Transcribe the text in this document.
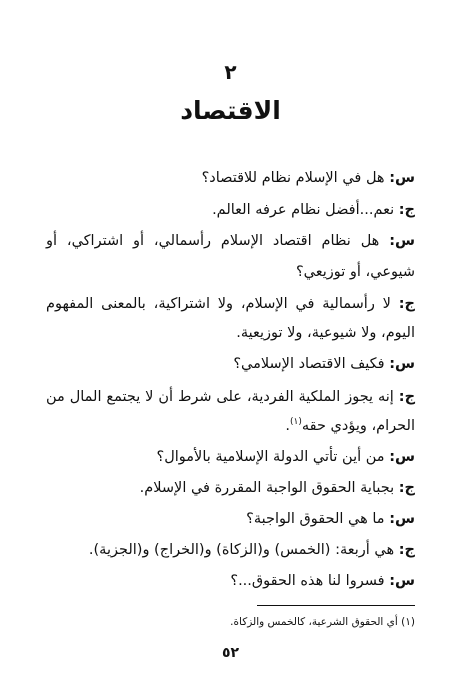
٢
الاقتصاد
س: هل في الإسلام نظام للاقتصاد؟
ج: نعم...أفضل نظام عرفه العالم.
س: هل نظام اقتصاد الإسلام رأسمالي، أو اشتراكي، أو
شيوعي، أو توزيعي؟
ج: لا رأسمالية في الإسلام، ولا اشتراكية، بالمعنى المفهوم
اليوم، ولا شيوعية، ولا توزيعية.
س: فكيف الاقتصاد الإسلامي؟
ج: إنه يجوز الملكية الفردية، على شرط أن لا يجتمع المال من
الحرام، ويؤدي حقه$^{(١)}$.
س: من أين تأتي الدولة الإسلامية بالأموال؟
ج: بجباية الحقوق الواجبة المقررة في الإسلام.
س: ما هي الحقوق الواجبة؟
ج: هي أربعة: (الخمس) و(الزكاة) و(الخراج) و(الجزية).
س: فسروا لنا هذه الحقوق...؟
(١) أي الحقوق الشرعية، كالخمس والزكاة.
٥٢
